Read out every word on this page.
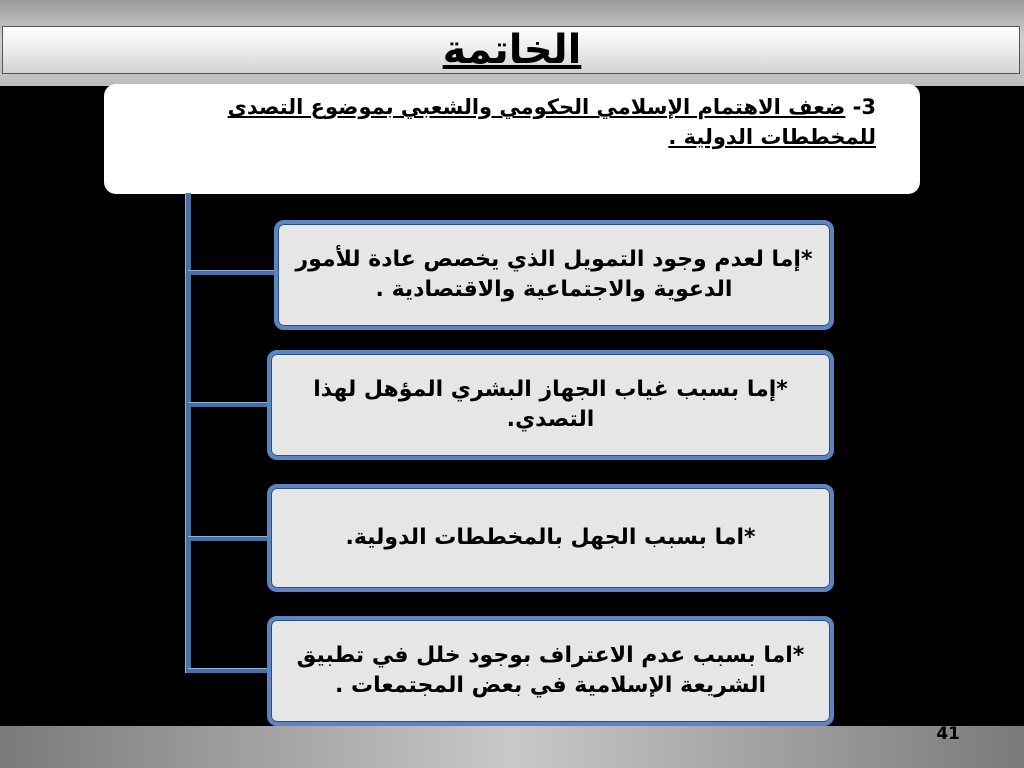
الخاتمة
3- ضعف الاهتمام الإسلامي الحكومي والشعبي بموضوع التصدى للمخططات الدولية .
*إما لعدم وجود التمويل الذي يخصص عادة للأمور الدعوية والاجتماعية والاقتصادية .
*إما بسبب غياب الجهاز البشري المؤهل لهذا التصدي.
*اما بسبب الجهل بالمخططات الدولية.
*اما بسبب عدم الاعتراف بوجود خلل في تطبيق الشريعة الإسلامية في بعض المجتمعات .
41
